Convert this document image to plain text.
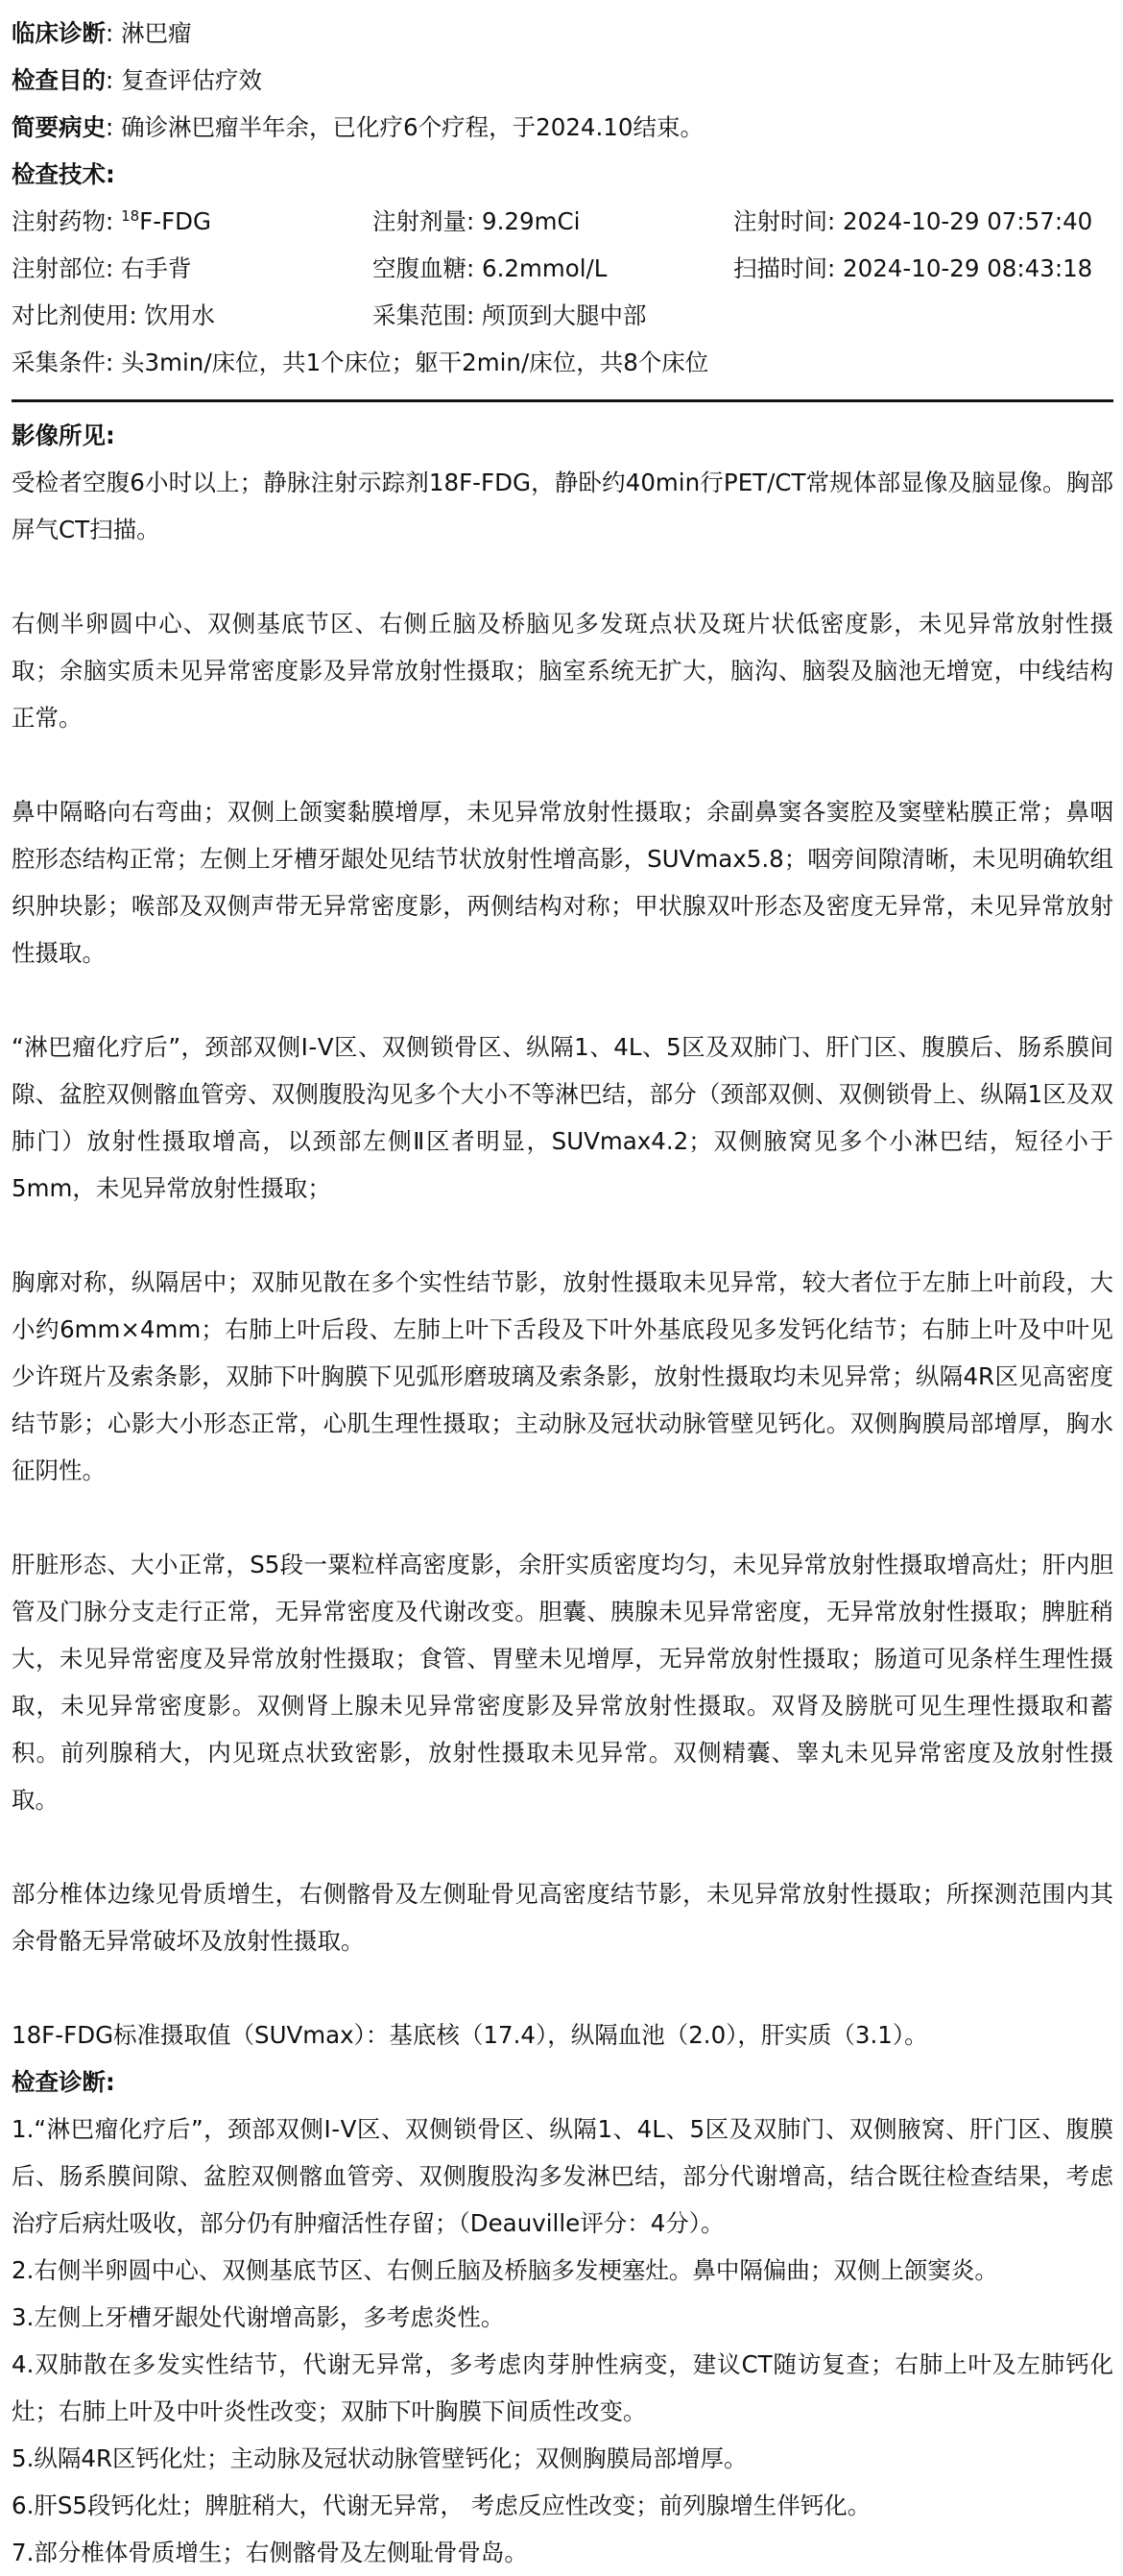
临床诊断: 淋巴瘤
检查目的: 复查评估疗效
简要病史: 确诊淋巴瘤半年余，已化疗6个疗程，于2024.10结束。
检查技术:
注射药物: $^{18}$F-FDG	注射剂量: 9.29mCi	注射时间: 2024-10-29 07:57:40
注射部位: 右手背	空腹血糖: 6.2mmol/L	扫描时间: 2024-10-29 08:43:18
对比剂使用: 饮用水	采集范围: 颅顶到大腿中部
采集条件: 头3min/床位，共1个床位；躯干2min/床位，共8个床位
影像所见:

受检者空腹6小时以上；静脉注射示踪剂18F-FDG，静卧约40min行PET/CT常规体部显像及脑显像。胸部屏气CT扫描。

右侧半卵圆中心、双侧基底节区、右侧丘脑及桥脑见多发斑点状及斑片状低密度影，未见异常放射性摄取；余脑实质未见异常密度影及异常放射性摄取；脑室系统无扩大，脑沟、脑裂及脑池无增宽，中线结构正常。

鼻中隔略向右弯曲；双侧上颌窦黏膜增厚，未见异常放射性摄取；余副鼻窦各窦腔及窦壁粘膜正常；鼻咽腔形态结构正常；左侧上牙槽牙龈处见结节状放射性增高影，SUVmax5.8；咽旁间隙清晰，未见明确软组织肿块影；喉部及双侧声带无异常密度影，两侧结构对称；甲状腺双叶形态及密度无异常，未见异常放射性摄取。

“淋巴瘤化疗后”，颈部双侧Ⅰ-Ⅴ区、双侧锁骨区、纵隔1、4L、5区及双肺门、肝门区、腹膜后、肠系膜间隙、盆腔双侧髂血管旁、双侧腹股沟见多个大小不等淋巴结，部分（颈部双侧、双侧锁骨上、纵隔1区及双肺门）放射性摄取增高，以颈部左侧Ⅱ区者明显，SUVmax4.2；双侧腋窝见多个小淋巴结，短径小于5mm，未见异常放射性摄取；

胸廓对称，纵隔居中；双肺见散在多个实性结节影，放射性摄取未见异常，较大者位于左肺上叶前段，大小约6mm×4mm；右肺上叶后段、左肺上叶下舌段及下叶外基底段见多发钙化结节；右肺上叶及中叶见少许斑片及索条影，双肺下叶胸膜下见弧形磨玻璃及索条影，放射性摄取均未见异常；纵隔4R区见高密度结节影；心影大小形态正常，心肌生理性摄取；主动脉及冠状动脉管壁见钙化。双侧胸膜局部增厚，胸水征阴性。

肝脏形态、大小正常，S5段一粟粒样高密度影，余肝实质密度均匀，未见异常放射性摄取增高灶；肝内胆管及门脉分支走行正常，无异常密度及代谢改变。胆囊、胰腺未见异常密度，无异常放射性摄取；脾脏稍大，未见异常密度及异常放射性摄取；食管、胃壁未见增厚，无异常放射性摄取；肠道可见条样生理性摄取，未见异常密度影。双侧肾上腺未见异常密度影及异常放射性摄取。双肾及膀胱可见生理性摄取和蓄积。前列腺稍大，内见斑点状致密影，放射性摄取未见异常。双侧精囊、睾丸未见异常密度及放射性摄取。

部分椎体边缘见骨质增生，右侧髂骨及左侧耻骨见高密度结节影，未见异常放射性摄取；所探测范围内其余骨骼无异常破坏及放射性摄取。

18F-FDG标准摄取值（SUVmax）：基底核（17.4），纵隔血池（2.0），肝实质（3.1）。

检查诊断:

1.“淋巴瘤化疗后”，颈部双侧Ⅰ-Ⅴ区、双侧锁骨区、纵隔1、4L、5区及双肺门、双侧腋窝、肝门区、腹膜后、肠系膜间隙、盆腔双侧髂血管旁、双侧腹股沟多发淋巴结，部分代谢增高，结合既往检查结果，考虑治疗后病灶吸收，部分仍有肿瘤活性存留；（Deauville评分：4分）。

2.右侧半卵圆中心、双侧基底节区、右侧丘脑及桥脑多发梗塞灶。鼻中隔偏曲；双侧上颌窦炎。

3.左侧上牙槽牙龈处代谢增高影，多考虑炎性。

4.双肺散在多发实性结节，代谢无异常，多考虑肉芽肿性病变，建议CT随访复查；右肺上叶及左肺钙化灶；右肺上叶及中叶炎性改变；双肺下叶胸膜下间质性改变。

5.纵隔4R区钙化灶；主动脉及冠状动脉管壁钙化；双侧胸膜局部增厚。

6.肝S5段钙化灶；脾脏稍大，代谢无异常， 考虑反应性改变；前列腺增生伴钙化。

7.部分椎体骨质增生；右侧髂骨及左侧耻骨骨岛。
